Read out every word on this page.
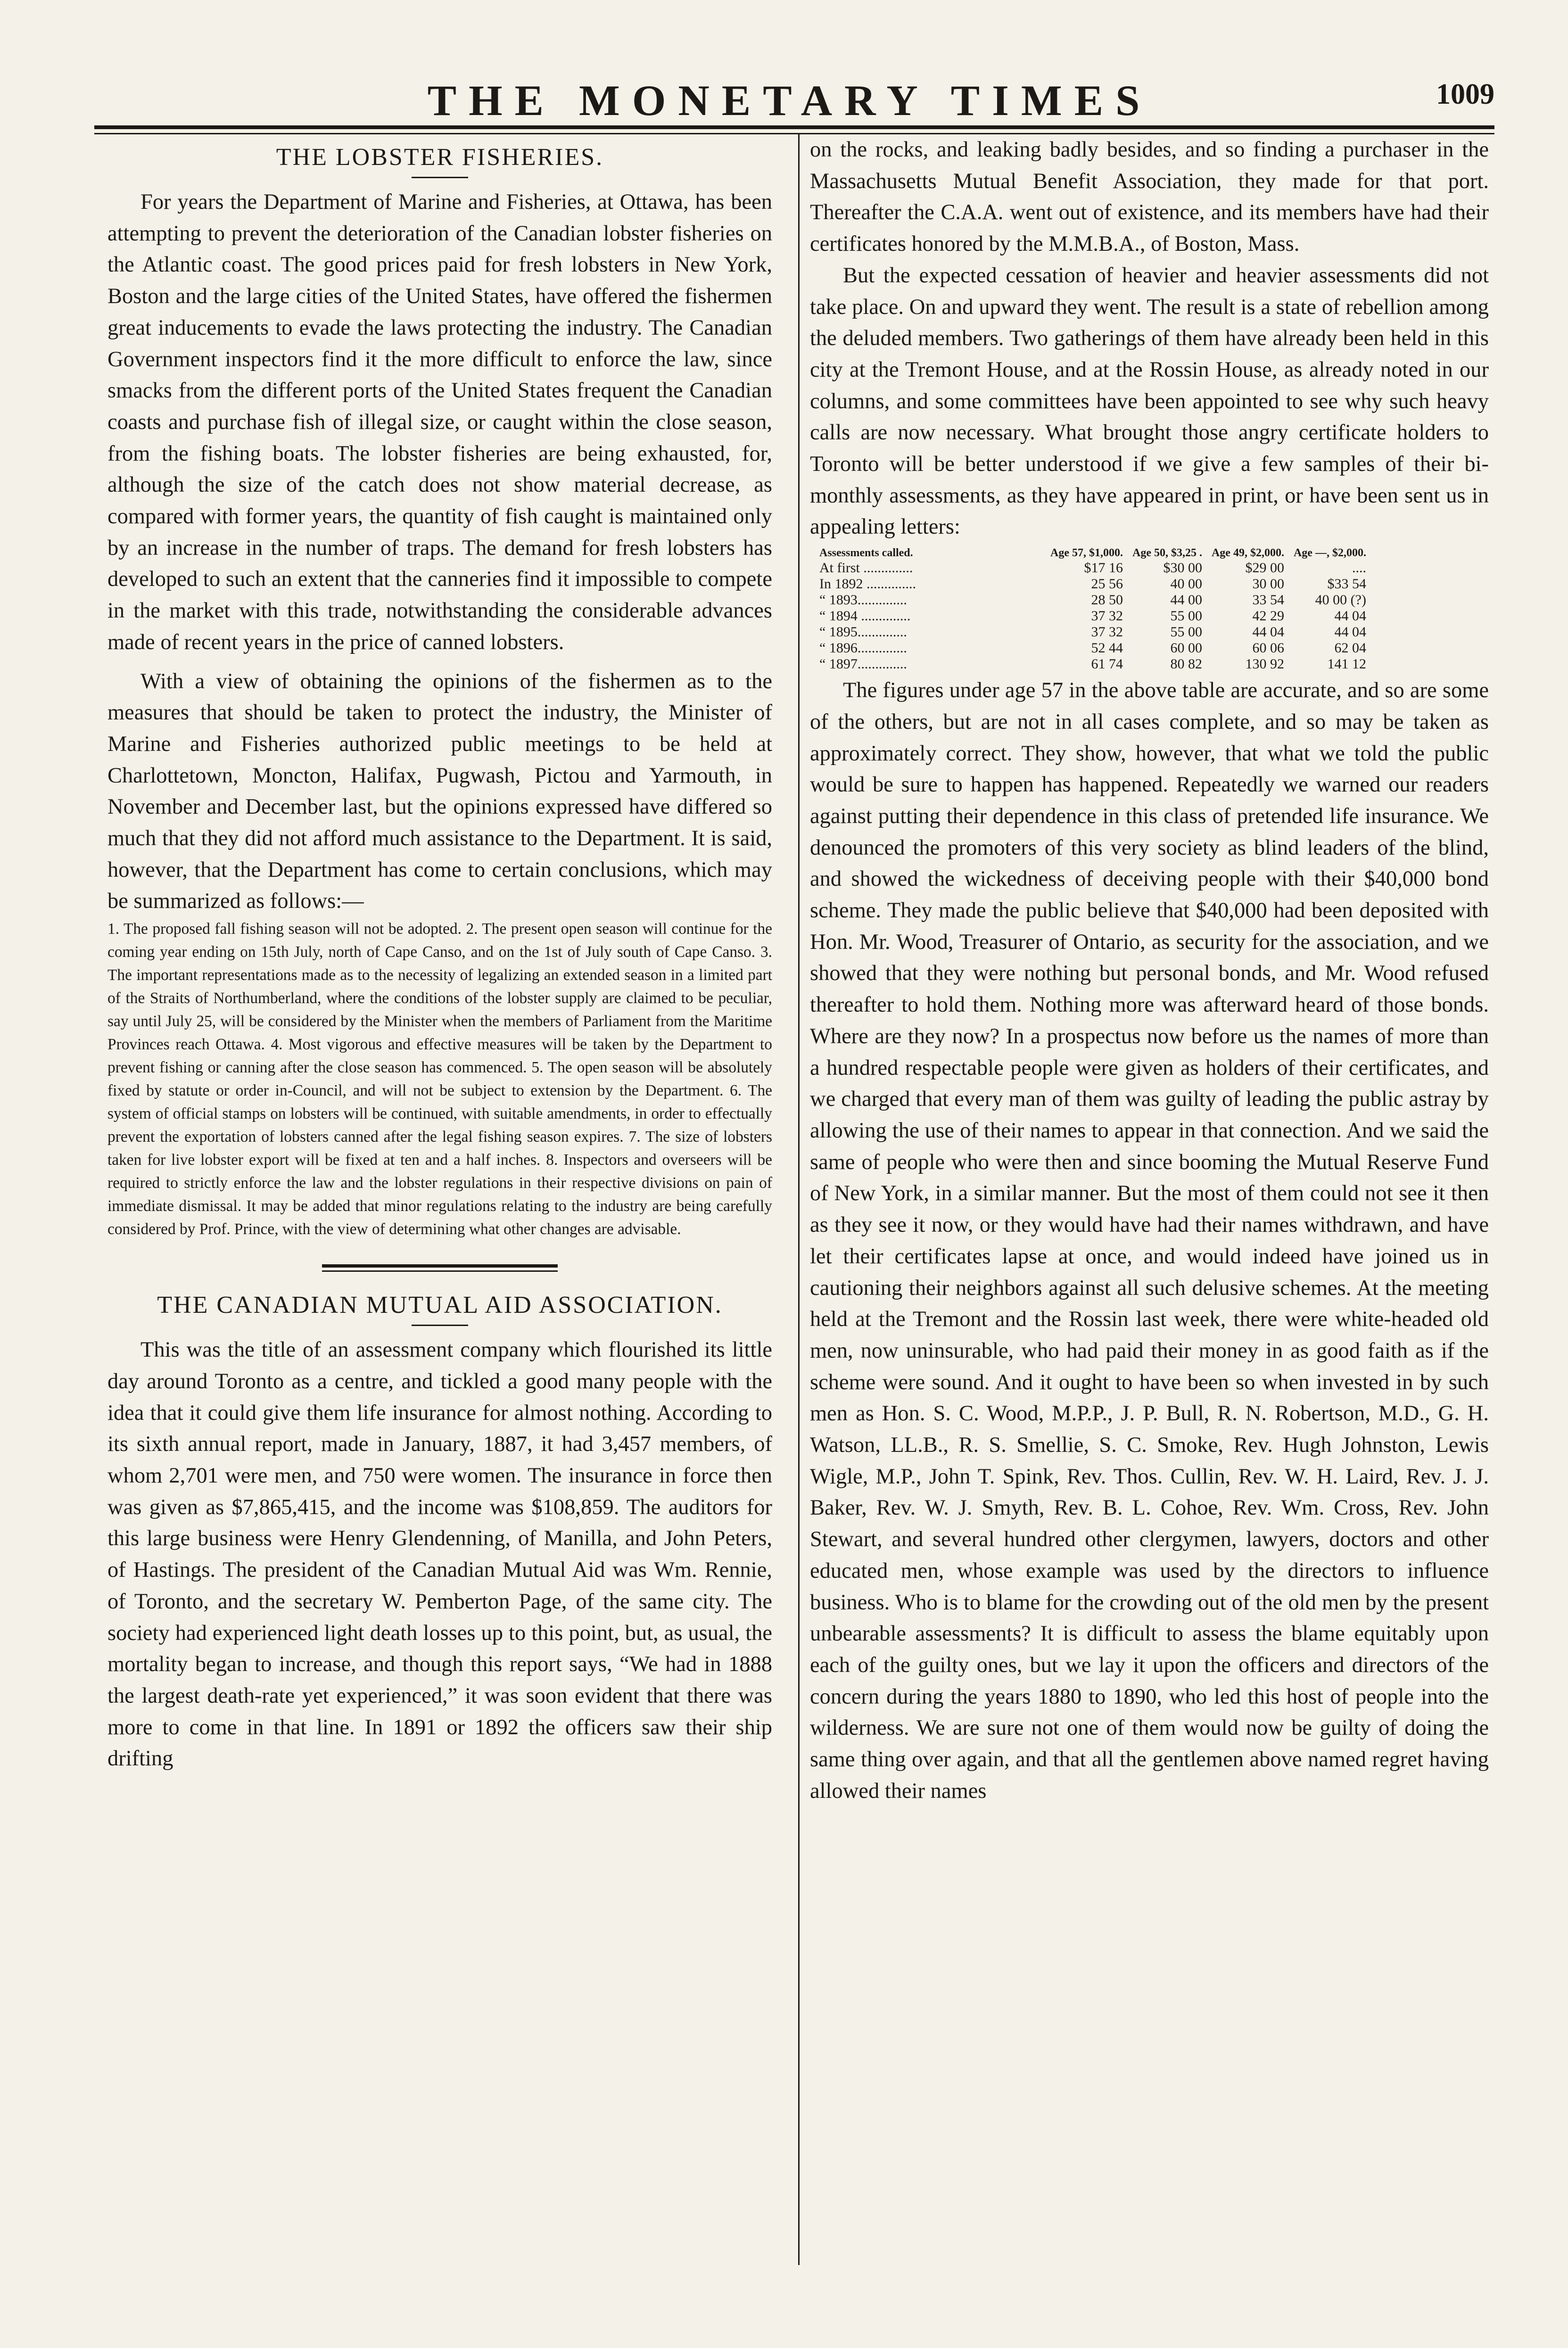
THE MONETARY TIMES	1009
THE LOBSTER FISHERIES.

For years the Department of Marine and Fisheries, at Ottawa, has been attempting to prevent the deterioration of the Canadian lobster fisheries on the Atlantic coast. The good prices paid for fresh lobsters in New York, Boston and the large cities of the United States, have offered the fishermen great inducements to evade the laws protecting the industry. The Canadian Government inspectors find it the more difficult to enforce the law, since smacks from the different ports of the United States frequent the Canadian coasts and purchase fish of illegal size, or caught within the close season, from the fishing boats. The lobster fisheries are being exhausted, for, although the size of the catch does not show material decrease, as compared with former years, the quantity of fish caught is maintained only by an increase in the number of traps. The demand for fresh lobsters has developed to such an extent that the canneries find it impossible to compete in the market with this trade, notwithstanding the considerable advances made of recent years in the price of canned lobsters.

With a view of obtaining the opinions of the fishermen as to the measures that should be taken to protect the industry, the Minister of Marine and Fisheries authorized public meetings to be held at Charlottetown, Moncton, Halifax, Pugwash, Pictou and Yarmouth, in November and December last, but the opinions expressed have differed so much that they did not afford much assistance to the Department. It is said, however, that the Department has come to certain conclusions, which may be summarized as follows:—

1. The proposed fall fishing season will not be adopted. 2. The present open season will continue for the coming year ending on 15th July, north of Cape Canso, and on the 1st of July south of Cape Canso. 3. The important representations made as to the necessity of legalizing an extended season in a limited part of the Straits of Northumberland, where the conditions of the lobster supply are claimed to be peculiar, say until July 25, will be considered by the Minister when the members of Parliament from the Maritime Provinces reach Ottawa. 4. Most vigorous and effective measures will be taken by the Department to prevent fishing or canning after the close season has commenced. 5. The open season will be absolutely fixed by statute or order in-Council, and will not be subject to extension by the Department. 6. The system of official stamps on lobsters will be continued, with suitable amendments, in order to effectually prevent the exportation of lobsters canned after the legal fishing season expires. 7. The size of lobsters taken for live lobster export will be fixed at ten and a half inches. 8. Inspectors and overseers will be required to strictly enforce the law and the lobster regulations in their respective divisions on pain of immediate dismissal. It may be added that minor regulations relating to the industry are being carefully considered by Prof. Prince, with the view of determining what other changes are advisable.

THE CANADIAN MUTUAL AID ASSOCIATION.

This was the title of an assessment company which flourished its little day around Toronto as a centre, and tickled a good many people with the idea that it could give them life insurance for almost nothing. According to its sixth annual report, made in January, 1887, it had 3,457 members, of whom 2,701 were men, and 750 were women. The insurance in force then was given as $7,865,415, and the income was $108,859. The auditors for this large business were Henry Glendenning, of Manilla, and John Peters, of Hastings. The president of the Canadian Mutual Aid was Wm. Rennie, of Toronto, and the secretary W. Pemberton Page, of the same city. The society had experienced light death losses up to this point, but, as usual, the mortality began to increase, and though this report says, “We had in 1888 the largest death-rate yet experienced,” it was soon evident that there was more to come in that line. In 1891 or 1892 the officers saw their ship drifting

on the rocks, and leaking badly besides, and so finding a purchaser in the Massachusetts Mutual Benefit Association, they made for that port. Thereafter the C.A.A. went out of existence, and its members have had their certificates honored by the M.M.B.A., of Boston, Mass.

But the expected cessation of heavier and heavier assessments did not take place. On and upward they went. The result is a state of rebellion among the deluded members. Two gatherings of them have already been held in this city at the Tremont House, and at the Rossin House, as already noted in our columns, and some committees have been appointed to see why such heavy calls are now necessary. What brought those angry certificate holders to Toronto will be better understood if we give a few samples of their bi-monthly assessments, as they have appeared in print, or have been sent us in appealing letters:

Assessments called.	Age 57, $1,000.	Age 50, $3,25 .	Age 49, $2,000.	Age —, $2,000.
At first ..............	$17 16	$30 00	$29 00	....
In 1892 ..............	25 56	40 00	30 00	$33 54
“ 1893..............	28 50	44 00	33 54	40 00 (?)
“ 1894 ..............	37 32	55 00	42 29	44 04
“ 1895..............	37 32	55 00	44 04	44 04
“ 1896..............	52 44	60 00	60 06	62 04
“ 1897..............	61 74	80 82	130 92	141 12

The figures under age 57 in the above table are accurate, and so are some of the others, but are not in all cases complete, and so may be taken as approximately correct. They show, however, that what we told the public would be sure to happen has happened. Repeatedly we warned our readers against putting their dependence in this class of pretended life insurance. We denounced the promoters of this very society as blind leaders of the blind, and showed the wickedness of deceiving people with their $40,000 bond scheme. They made the public believe that $40,000 had been deposited with Hon. Mr. Wood, Treasurer of Ontario, as security for the association, and we showed that they were nothing but personal bonds, and Mr. Wood refused thereafter to hold them. Nothing more was afterward heard of those bonds. Where are they now? In a prospectus now before us the names of more than a hundred respectable people were given as holders of their certificates, and we charged that every man of them was guilty of leading the public astray by allowing the use of their names to appear in that connection. And we said the same of people who were then and since booming the Mutual Reserve Fund of New York, in a similar manner. But the most of them could not see it then as they see it now, or they would have had their names withdrawn, and have let their certificates lapse at once, and would indeed have joined us in cautioning their neighbors against all such delusive schemes. At the meeting held at the Tremont and the Rossin last week, there were white-headed old men, now uninsurable, who had paid their money in as good faith as if the scheme were sound. And it ought to have been so when invested in by such men as Hon. S. C. Wood, M.P.P., J. P. Bull, R. N. Robertson, M.D., G. H. Watson, LL.B., R. S. Smellie, S. C. Smoke, Rev. Hugh Johnston, Lewis Wigle, M.P., John T. Spink, Rev. Thos. Cullin, Rev. W. H. Laird, Rev. J. J. Baker, Rev. W. J. Smyth, Rev. B. L. Cohoe, Rev. Wm. Cross, Rev. John Stewart, and several hundred other clergymen, lawyers, doctors and other educated men, whose example was used by the directors to influence business. Who is to blame for the crowding out of the old men by the present unbearable assessments? It is difficult to assess the blame equitably upon each of the guilty ones, but we lay it upon the officers and directors of the concern during the years 1880 to 1890, who led this host of people into the wilderness. We are sure not one of them would now be guilty of doing the same thing over again, and that all the gentlemen above named regret having allowed their names
